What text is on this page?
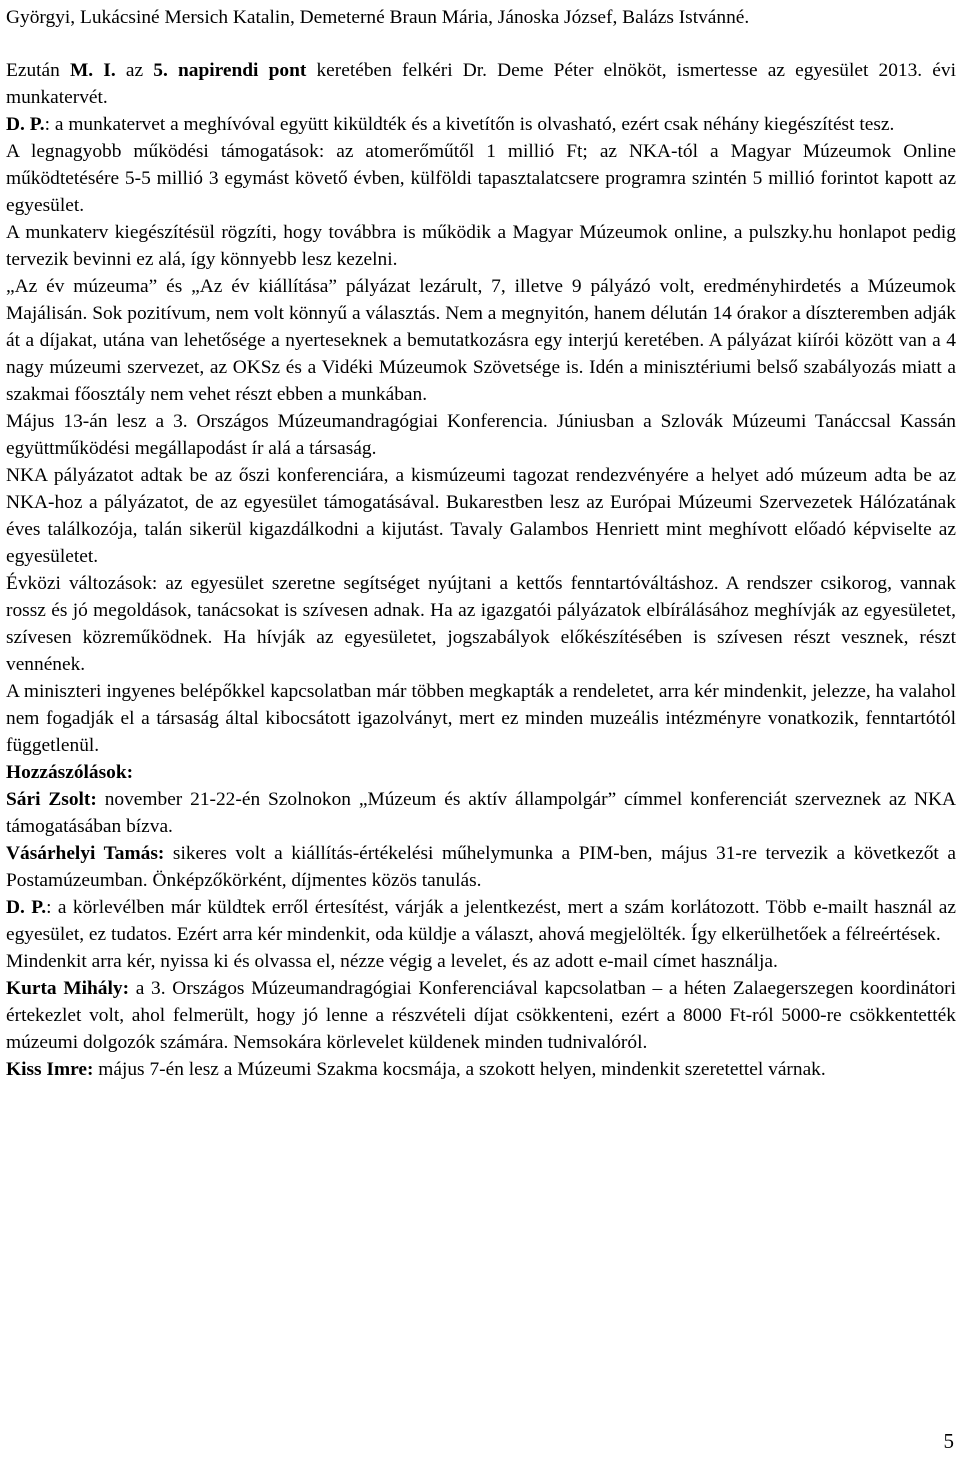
Györgyi, Lukácsiné Mersich Katalin, Demeterné Braun Mária, Jánoska József, Balázs Istvánné.

Ezután M. I. az 5. napirendi pont keretében felkéri Dr. Deme Péter elnököt, ismertesse az egyesület 2013. évi munkatervét.

D. P.: a munkatervet a meghívóval együtt kiküldték és a kivetítőn is olvasható, ezért csak néhány kiegészítést tesz.

A legnagyobb működési támogatások: az atomerőműtől 1 millió Ft; az NKA-tól a Magyar Múzeumok Online működtetésére 5-5 millió 3 egymást követő évben, külföldi tapasztalatcsere programra szintén 5 millió forintot kapott az egyesület.

A munkaterv kiegészítésül rögzíti, hogy továbbra is működik a Magyar Múzeumok online, a pulszky.hu honlapot pedig tervezik bevinni ez alá, így könnyebb lesz kezelni.

„Az év múzeuma” és „Az év kiállítása” pályázat lezárult, 7, illetve 9 pályázó volt, eredményhirdetés a Múzeumok Majálisán. Sok pozitívum, nem volt könnyű a választás. Nem a megnyitón, hanem délután 14 órakor a díszteremben adják át a díjakat, utána van lehetősége a nyerteseknek a bemutatkozásra egy interjú keretében. A pályázat kiírói között van a 4 nagy múzeumi szervezet, az OKSz és a Vidéki Múzeumok Szövetsége is. Idén a minisztériumi belső szabályozás miatt a szakmai főosztály nem vehet részt ebben a munkában.

Május 13-án lesz a 3. Országos Múzeumandragógiai Konferencia. Júniusban a Szlovák Múzeumi Tanáccsal Kassán együttműködési megállapodást ír alá a társaság.

NKA pályázatot adtak be az őszi konferenciára, a kismúzeumi tagozat rendezvényére a helyet adó múzeum adta be az NKA-hoz a pályázatot, de az egyesület támogatásával. Bukarestben lesz az Európai Múzeumi Szervezetek Hálózatának éves találkozója, talán sikerül kigazdálkodni a kijutást. Tavaly Galambos Henriett mint meghívott előadó képviselte az egyesületet.

Évközi változások: az egyesület szeretne segítséget nyújtani a kettős fenntartóváltáshoz. A rendszer csikorog, vannak rossz és jó megoldások, tanácsokat is szívesen adnak. Ha az igazgatói pályázatok elbírálásához meghívják az egyesületet, szívesen közreműködnek. Ha hívják az egyesületet, jogszabályok előkészítésében is szívesen részt vesznek, részt vennének.

A miniszteri ingyenes belépőkkel kapcsolatban már többen megkapták a rendeletet, arra kér mindenkit, jelezze, ha valahol nem fogadják el a társaság által kibocsátott igazolványt, mert ez minden muzeális intézményre vonatkozik, fenntartótól függetlenül.

Hozzászólások:

Sári Zsolt: november 21-22-én Szolnokon „Múzeum és aktív állampolgár” címmel konferenciát szerveznek az NKA támogatásában bízva.

Vásárhelyi Tamás: sikeres volt a kiállítás-értékelési műhelymunka a PIM-ben, május 31-re tervezik a következőt a Postamúzeumban. Önképzőkörként, díjmentes közös tanulás.

D. P.: a körlevélben már küldtek erről értesítést, várják a jelentkezést, mert a szám korlátozott. Több e-mailt használ az egyesület, ez tudatos. Ezért arra kér mindenkit, oda küldje a választ, ahová megjelölték. Így elkerülhetőek a félreértések.

Mindenkit arra kér, nyissa ki és olvassa el, nézze végig a levelet, és az adott e-mail címet használja.

Kurta Mihály: a 3. Országos Múzeumandragógiai Konferenciával kapcsolatban – a héten Zalaegerszegen koordinátori értekezlet volt, ahol felmerült, hogy jó lenne a részvételi díjat csökkenteni, ezért a 8000 Ft-ról 5000-re csökkentették múzeumi dolgozók számára. Nemsokára körlevelet küldenek minden tudnivalóról.

Kiss Imre: május 7-én lesz a Múzeumi Szakma kocsmája, a szokott helyen, mindenkit szeretettel várnak.

5
